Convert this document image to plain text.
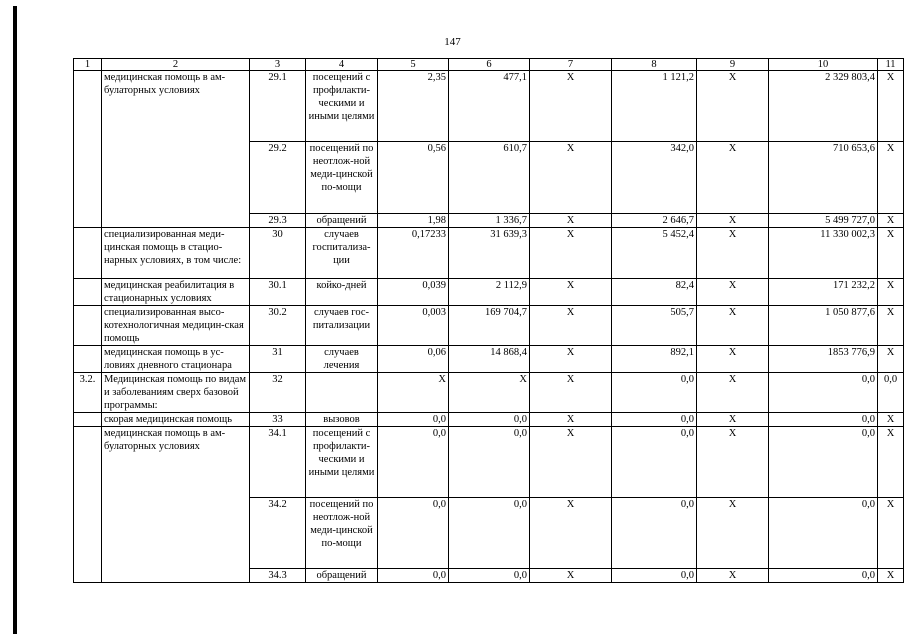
147
1	2	3	4	5	6	7	8	9	10	11
	медицинская помощь в ам-булаторных условиях	29.1	посещений с профилакти-ческими и иными целями	2,35	477,1	X	1 121,2	X	2 329 803,4	X
		29.2	посещений по неотлож-ной меди-цинской по-мощи	0,56	610,7	X	342,0	X	710 653,6	X
		29.3	обращений	1,98	1 336,7	X	2 646,7	X	5 499 727,0	X
	специализированная меди-цинская помощь в стацио-нарных условиях, в том числе:	30	случаев госпитализа-ции	0,17233	31 639,3	X	5 452,4	X	11 330 002,3	X
	медицинская реабилитация в стационарных условиях	30.1	койко-дней	0,039	2 112,9	X	82,4	X	171 232,2	X
	специализированная высо-котехнологичная медицин-ская помощь	30.2	случаев гос-питализации	0,003	169 704,7	X	505,7	X	1 050 877,6	X
	медицинская помощь в ус-ловиях дневного стационара	31	случаев лечения	0,06	14 868,4	X	892,1	X	1853 776,9	X
3.2.	Медицинская помощь по видам и заболеваниям сверх базовой программы:	32		X	X	X	0,0	X	0,0	0,0
	скорая медицинская помощь	33	вызовов	0,0	0,0	X	0,0	X	0,0	X
	медицинская помощь в ам-булаторных условиях	34.1	посещений с профилакти-ческими и иными целями	0,0	0,0	X	0,0	X	0,0	X
		34.2	посещений по неотлож-ной меди-цинской по-мощи	0,0	0,0	X	0,0	X	0,0	X
		34.3	обращений	0,0	0,0	X	0,0	X	0,0	X
